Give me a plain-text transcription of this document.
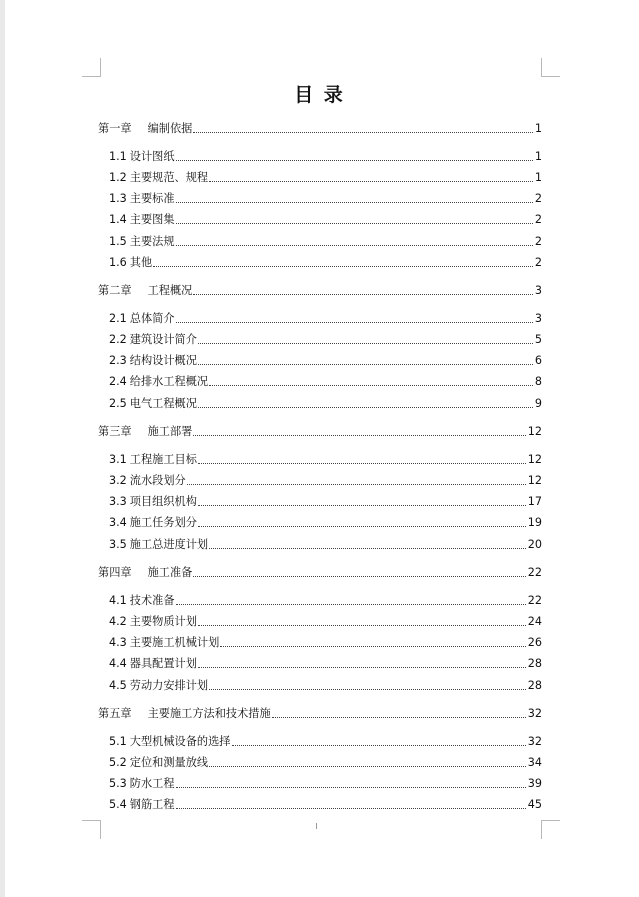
目 录
第一章 编制依据	1
1.1 设计图纸	1
1.2 主要规范、规程	1
1.3 主要标准	2
1.4 主要图集	2
1.5 主要法规	2
1.6 其他	2
第二章 工程概况	3
2.1 总体简介	3
2.2 建筑设计简介	5
2.3 结构设计概况	6
2.4 给排水工程概况	8
2.5 电气工程概况	9
第三章 施工部署	12
3.1 工程施工目标	12
3.2 流水段划分	12
3.3 项目组织机构	17
3.4 施工任务划分	19
3.5 施工总进度计划	20
第四章 施工准备	22
4.1 技术准备	22
4.2 主要物质计划	24
4.3 主要施工机械计划	26
4.4 器具配置计划	28
4.5 劳动力安排计划	28
第五章 主要施工方法和技术措施	32
5.1 大型机械设备的选择	32
5.2 定位和测量放线	34
5.3 防水工程	39
5.4 钢筋工程	45
